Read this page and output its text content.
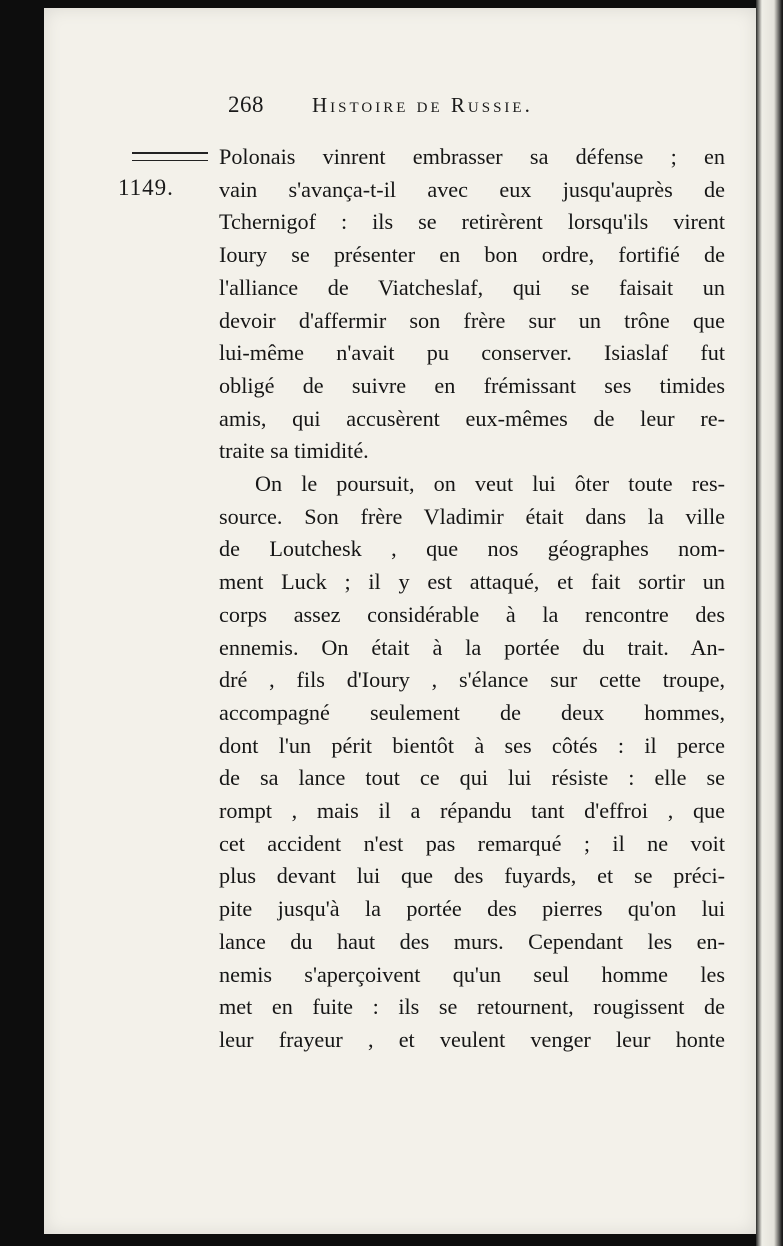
268 Histoire de Russie.
1149.
Polonais vinrent embrasser sa défense ; en
vain s'avança-t-il avec eux jusqu'auprès de
Tchernigof : ils se retirèrent lorsqu'ils virent
Ioury se présenter en bon ordre, fortifié de
l'alliance de Viatcheslaf, qui se faisait un
devoir d'affermir son frère sur un trône que
lui-même n'avait pu conserver. Isiaslaf fut
obligé de suivre en frémissant ses timides
amis, qui accusèrent eux-mêmes de leur re-
traite sa timidité.
On le poursuit, on veut lui ôter toute res-
source. Son frère Vladimir était dans la ville
de Loutchesk , que nos géographes nom-
ment Luck ; il y est attaqué, et fait sortir un
corps assez considérable à la rencontre des
ennemis. On était à la portée du trait. An-
dré , fils d'Ioury , s'élance sur cette troupe,
accompagné seulement de deux hommes,
dont l'un périt bientôt à ses côtés : il perce
de sa lance tout ce qui lui résiste : elle se
rompt , mais il a répandu tant d'effroi , que
cet accident n'est pas remarqué ; il ne voit
plus devant lui que des fuyards, et se préci-
pite jusqu'à la portée des pierres qu'on lui
lance du haut des murs. Cependant les en-
nemis s'aperçoivent qu'un seul homme les
met en fuite : ils se retournent, rougissent de
leur frayeur , et veulent venger leur honte
